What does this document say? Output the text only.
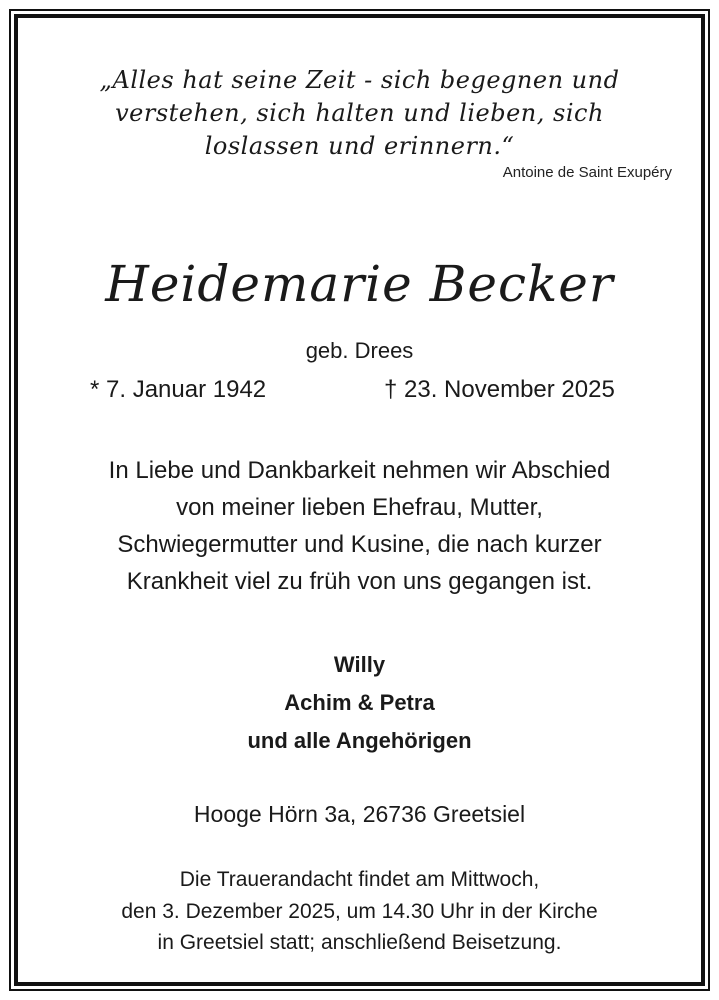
„Alles hat seine Zeit - sich begegnen und
verstehen, sich halten und lieben, sich
loslassen und erinnern.“
Antoine de Saint Exupéry
Heidemarie Becker
geb. Drees
* 7. Januar 1942	† 23. November 2025
In Liebe und Dankbarkeit nehmen wir Abschied
von meiner lieben Ehefrau, Mutter,
Schwiegermutter und Kusine, die nach kurzer
Krankheit viel zu früh von uns gegangen ist.
Willy
Achim & Petra
und alle Angehörigen
Hooge Hörn 3a, 26736 Greetsiel
Die Trauerandacht findet am Mittwoch,
den 3. Dezember 2025, um 14.30 Uhr in der Kirche
in Greetsiel statt; anschließend Beisetzung.
